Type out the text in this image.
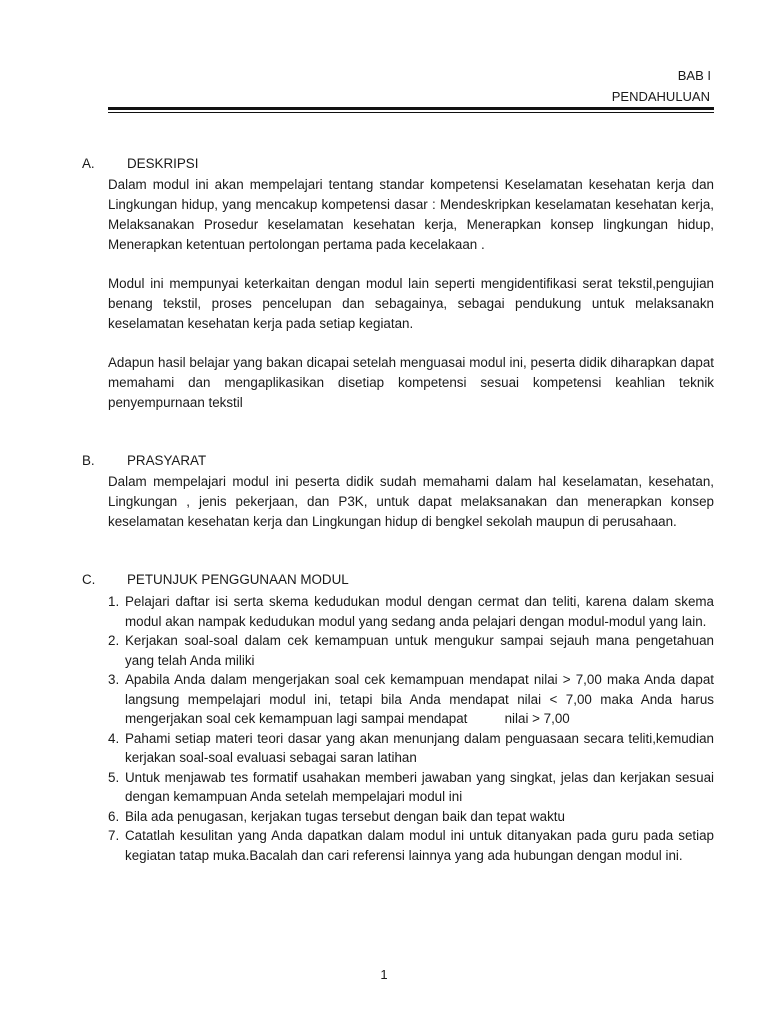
BAB I
PENDAHULUAN
A. DESKRIPSI
Dalam modul ini akan mempelajari tentang standar kompetensi Keselamatan kesehatan kerja dan Lingkungan hidup, yang mencakup kompetensi dasar : Mendeskripkan keselamatan kesehatan kerja, Melaksanakan Prosedur keselamatan kesehatan kerja, Menerapkan konsep lingkungan hidup, Menerapkan ketentuan pertolongan pertama pada kecelakaan .
Modul ini mempunyai keterkaitan dengan modul lain seperti mengidentifikasi serat tekstil,pengujian benang tekstil, proses pencelupan dan sebagainya, sebagai pendukung untuk melaksanakn keselamatan kesehatan kerja pada setiap kegiatan.
Adapun hasil belajar yang bakan dicapai setelah menguasai modul ini, peserta didik diharapkan dapat memahami dan mengaplikasikan disetiap kompetensi sesuai kompetensi keahlian teknik penyempurnaan tekstil
B. PRASYARAT
Dalam mempelajari modul ini peserta didik sudah memahami dalam hal keselamatan, kesehatan, Lingkungan , jenis pekerjaan, dan P3K, untuk dapat melaksanakan dan menerapkan konsep keselamatan kesehatan kerja dan Lingkungan hidup di bengkel sekolah maupun di perusahaan.
C. PETUNJUK PENGGUNAAN MODUL
1. Pelajari daftar isi serta skema kedudukan modul dengan cermat dan teliti, karena dalam skema modul akan nampak kedudukan modul yang sedang anda pelajari dengan modul-modul yang lain.
2. Kerjakan soal-soal dalam cek kemampuan untuk mengukur sampai sejauh mana pengetahuan yang telah Anda miliki
3. Apabila Anda dalam mengerjakan soal cek kemampuan mendapat nilai > 7,00 maka Anda dapat langsung mempelajari modul ini, tetapi bila Anda mendapat nilai < 7,00 maka Anda harus mengerjakan soal cek kemampuan lagi sampai mendapat          nilai > 7,00
4. Pahami setiap materi teori dasar yang akan menunjang dalam penguasaan secara teliti,kemudian kerjakan soal-soal evaluasi sebagai saran latihan
5. Untuk menjawab tes formatif usahakan memberi jawaban yang singkat, jelas dan kerjakan sesuai dengan kemampuan Anda setelah mempelajari modul ini
6. Bila ada penugasan, kerjakan tugas tersebut dengan baik dan tepat waktu
7. Catatlah kesulitan yang Anda dapatkan dalam modul ini untuk ditanyakan pada guru pada setiap kegiatan tatap muka.Bacalah dan cari referensi lainnya yang ada hubungan dengan modul ini.
1
